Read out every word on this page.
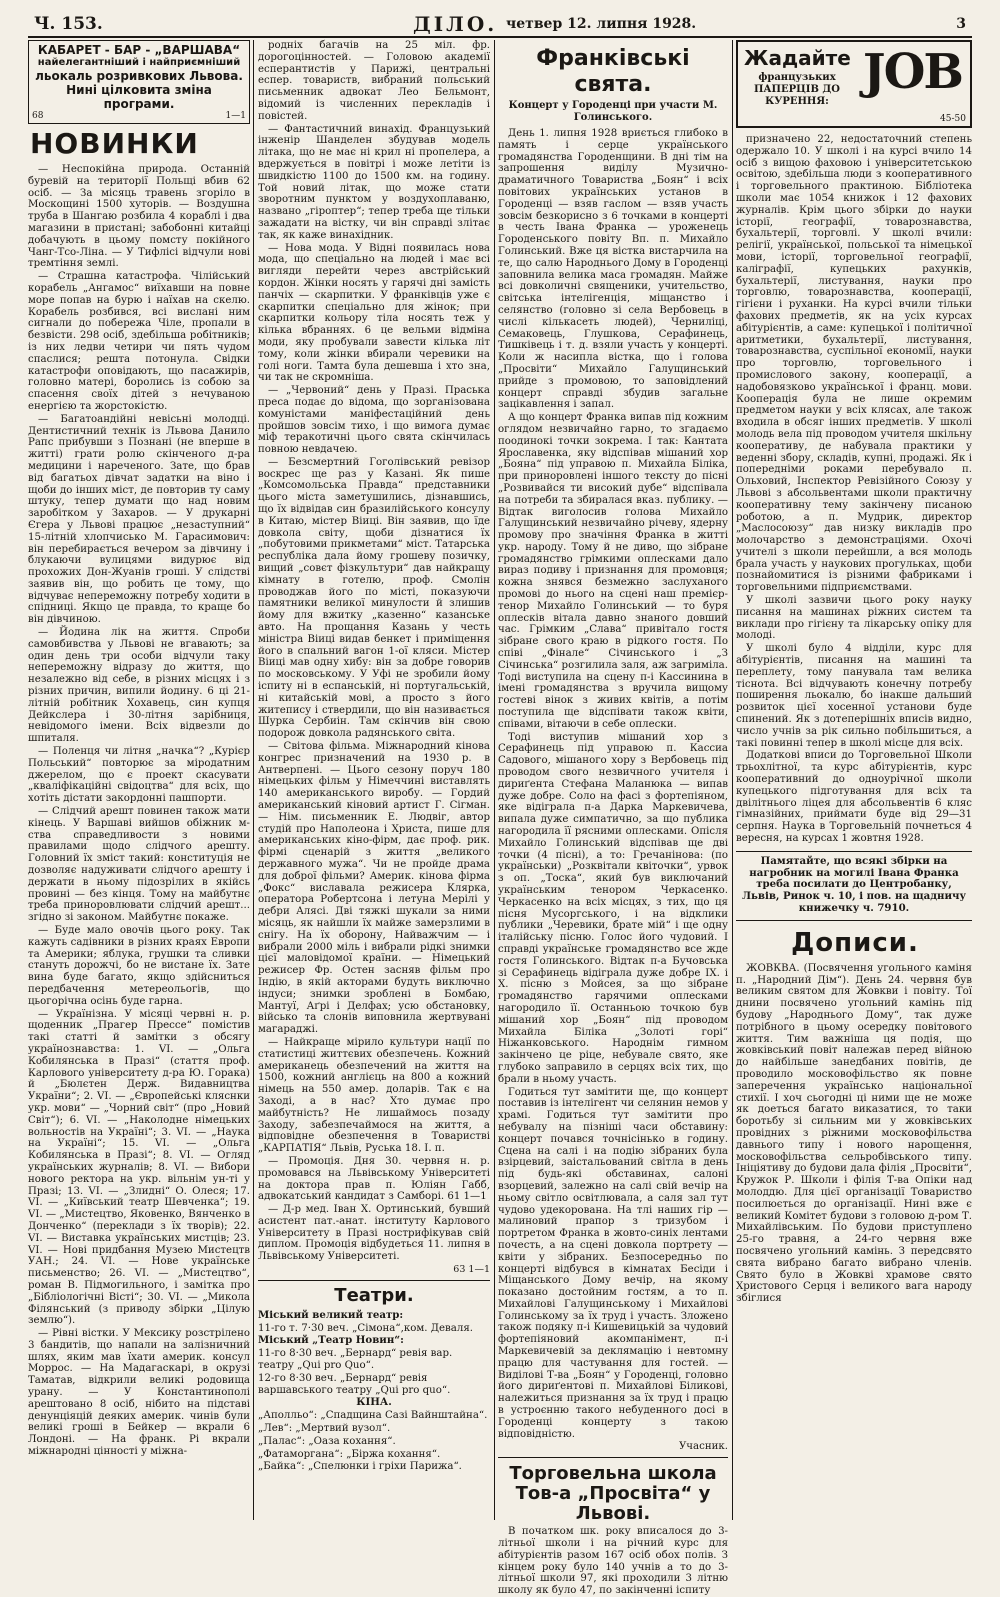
Ч. 153.	ДІЛО. четвер 12. липня 1928.	3
КАБАРЕТ - БАР - „ВАРШАВА“
найелегантніший і найприємніший
льокаль розривкових Львова.
Нині цілковита зміна програми.
68	1—1
НОВИНКИ

— Неспокійна природа. Останній буревій на території Польщі вбив 62 осіб. — За місяць травень згоріло в Москощині 1500 хуторів. — Воздушна труба в Шангаю розбила 4 кораблі і два магазини в пристані; забобонні китайці добачують в цьому помсту покійного Чанг-Тсо-Ліна. — У Тифлісі відчули нові тремтіння землі.

— Страшна катастрофа. Чілійський корабель „Ангамос“ виїхавши на повне море попав на бурю і наїхав на скелю. Корабель розбився, всі вислані ним сигнали до побережа Чіле, пропали в безвісти. 298 осіб, здебільша робітників; із них ледви четири чи пять чудом спаслися; решта потонула. Свідки катастрофи оповідають, що пасажирів, головно матері, боролись із собою за спасення своїх дітей з нечуваною енергією та жорстокістю.

— Багатоандійні невісьні молодці. Дентистичний технік із Львова Данило Рапс прибувши з Познані (не вперше в житті) грати ролю скінченого д-ра медицини і нареченого. Зате, що брав від багатьох дівчат задатки на віно і щоби до інших міст, де повторив ту саму штуку, тепер думати що над новим заробітком у Захаров. — У друкарні Єгера у Львові працює „незаступний“ 15-літній хлопчисько М. Гарасимович: він перебирається вечером за дівчину і блукаючи вулицями видурює від прохожих Дон-Жуанів гроші. У слідстві заявив він, що робить це тому, що відчуває непереможну потребу ходити в спідниці. Якщо це правда, то краще бо він дівчиною.

— Йодина лік на життя. Спроби самовбивства у Львові не вгавають; за один день три особи відчули таку непереможну відразу до життя, що незалежно від себе, в різних місцях і з різних причин, випили йодину. 6 ці 21-літній робітник Хохавець, син купця Дейкслера і 30-літня зарібниця, невідомого імени. Всіх відвезли до шпиталя.

— Поленця чи літня „начка“? „Курієр Польський“ повторює за міродатним джерелом, що є проект скасувати „кваліфікаційні свідоцтва“ для всіх, що хотіть дістати закордонні пашпорти.

— Слідчий арешт повинен також мати кінець. У Варшаві вийшов обіжник м-ства справедливости з новими правилами щодо слідчого арешту. Головний їх зміст такий: конституція не дозволяє надуживати слідчого арешту і держати в ньому підозрілих в якійсь провині — без кінця. Тому на майбутнє треба приноровлювати слідчий арешт... згідно зі законом. Майбутнє покаже.

— Буде мало овочів цього року. Так кажуть садівники в різних краях Европи та Америки; яблука, грушки та сливки стануть дорожчі, бо не вистане їх. Зате вина буде багато, якщо здійсниться передбачення метереольогів, що цьогорічна осінь буде гарна.

— Українізна. У місяці червні н. р. щоденник „Прагер Прессе“ помістив такі статті й замітки з обсягу українознавства: 1. VI. — „Ольга Кобилянська в Празі“ (стаття проф. Карлового університету д-ра Ю. Горака) й „Бюлєтен Держ. Видавництва України“; 2. VI. — „Європейські кляснки укр. мови“ — „Чорний світ“ (про „Новий Світ“); 6. VI. — „Наколодне німецьких вольностів на Україні“; 3. VI. — „Наука на Україні“; 15. VI. — „Ольга Кобилянська в Празі“; 8. VI. — Огляд українських журналів; 8. VI. — Вибори нового ректора на укр. вільнім ун-ті у Празі; 13. VI. — „Злидні“ О. Олеся; 17. VI. — „Київський театр Шевченка“; 19. VI. — „Мистецтво, Яковенко, Вянченко в Донченко“ (переклади з їх творів); 22. VI. — Виставка українських мистців; 23. VI. — Нові придбання Музею Мистецтв УАН.; 24. VI. — Нове українське письменство; 26. VI. — „Мистецтво“, роман В. Підмогильного, і замітка про „Бібліологічні Вісті“; 30. VI. — „Микола Філянський (з приводу збірки „Цілую землю“).

— Рівні вістки. У Мексику розстрілено 3 бандитів, що напали на залізничний шлях, яким мав їхати америк. консул Моррос. — На Мадагаскарі, в окрузі Таматав, відкрили великі родовища урану. — У Константинополі арештовано 8 осіб, нібито на підставі денунціяцій деяких америк. чинів були великі гроші в Бейкер — вкрали 6 Лондоні. — На франк. Рі вкрали міжнародні цінності у міжна-

родніх багачів на 25 міл. фр. дорогоцінностей. — Головою академії есперантистів у Парижі, центральні еспер. товариств, вибраний польський письменник адвокат Лео Бельмонт, відомий із численних перекладів і повістей.

— Фантастичний винахід. Французький інженір Шанделен збудував модель літака, що не має ні крил ні пропелера, а вдержується в повітрі і може летіти із швидкістю 1100 до 1500 км. на годину. Той новий літак, що може стати зворотним пунктом у воздухоплаваню, названо „гіроптер“; тепер треба ще тільки зажадати на вістку, чи він справді злітає так, як каже винахідник.

— Нова мода. У Відні появилась нова мода, що спеціально на людей і має всі вигляди перейти через австрійський кордон. Жінки носять у гарячі дні замість панчіх — скарпитки. У франківців уже є скарпитки спеціально для жінок; при скарпитки кольору тіла носять теж у кілька вбраннях. 6 це вельми відміна моди, яку пробували завести кілька літ тому, коли жінки вбирали черевики на голі ноги. Тамта була дешевша і хто зна, чи так не скромніша.

— „Червоний“ день у Празі. Праська преса подає до відома, що зорганізована комуністами маніфестаційний день пройшов зовсім тихо, і що вимога думає міф теракотичні цього свята скінчилась повною невдачею.

— Безсмертний Гоголівський ревізор воскрес ще раз у Казані. Як пише „Комсомольська Правда“ представники цього міста заметушились, дізнавшись, що їх відвідав син бразилійського консулу в Китаю, містер Віиці. Він заявив, що їде довкола світу, щоби дізнатися їх „побутовими прикметами“ міст. Татарська республіка дала йому грошеву позичку, вищий „совєт фізкультури“ дав найкращу кімнату в готелю, проф. Смолін проводжав його по місті, показуючи памятники великої минулости й злишив йому для вжитку „казенно“ казанське авто. На прощання Казань у честь міністра Віиці видав бенкет і приміщення його в спальний вагон 1-ої кляси. Містер Віиці мав одну хибу: він за добре говорив по московському. У Уфі не зробили йому іспиту ні в еспанській, ні португальській, ні китайській мові, а просто з його житепису і ствердили, що він називається Шурка Сербиін. Там скінчив він свою подорож довкола радянського світа.

— Світова фільма. Міжнародний кінова конгрес призначений на 1930 р. в Антверпені. — Цього сезону поруч 180 німецьких фільм у Німеччині виставлять 140 американського виробу. — Гордий американський кіновий артист Г. Сігман. — Нім. письменник Е. Людвіг, автор студій про Наполеона і Христа, пише для американських кіно-фірм, дає проф. рик. фірмі сценарій з життя „великого державного мужа“. Чи не пройде драма для доброї фільми? Америк. кінова фірма „Фокс“ виславала режисера Клярка, оператора Робертсона і летуна Мерілі у дебри Алясі. Дві тяжкі шукали за ними місяць, як найшли їх майже замерзлими в снігу. На їх оборону, Найважчим — і вибрали 2000 міль і вибрали рідкі знимки цієї маловідомої країни. — Німецький режисер Фр. Остен засняв фільм про Індію, в якій акторами будуть виключно індуси; знимки зроблені в Бомбаю, Мантуї, Аґрі і Делфах; усю обстановку, військо та слонів виповнила жертвувані магараджі.

— Найкраще мірило культури нації по статистиці життєвих обезпечень. Кожний американець обезпечений на життя на 1500, кожний англієць на 800 а кожний німець на 550 амер. доларів. Так є на Заході, а в нас? Хто думає про майбутність? Не лишаймось позаду Заходу, забезпечаймося на життя, а відповідне обезпечення в Товаристві „КАРПАТІЯ“ Львів, Руська 18. І. п.

— Промоція. Дня 30. червня н. р. промовався на Львівському Університеті на доктора прав п. Юліян Габб, адвокатський кандидат з Самборі. 61 1—1

— Д-р мед. Іван Х. Ортинський, бувший асистент пат.-анат. інституту Карлового Університету в Празі нострифікував свій диплом. Промоція відбудеться 11. липня в Львівському Університеті.

63 1—1

Театри.

Міський великий театр:

11-го т. 7·30 веч. „Сімона“,ком. Деваля.

Міський „Театр Новин“:

11-го 8·30 веч. „Бернард“ ревія вар. театру „Qui pro Quo“.

12-го 8·30 веч. „Бернард“ ревія варшавського театру „Qui pro quo“.

КІНА.

„Аполльо“: „Спадщина Сазі Вайнштайна“.

„Лев“: „Мертвий вузол“.

„Палас“: „Оаза кохання“.

„Фатаморгана“: „Біржа кохання“.

„Байка“: „Спелюнки і гріхи Парижа“.

Франківські свята.
Концерт у Городенці при участи М. Голинського.

День 1. липня 1928 вриється глибоко в память і серце українського громадянства Городенщини. В дні тім на запрошення виділу Музично-драматичного Товариства „Боян“ і всіх повітових українських установ в Городенці — взяв гаслом — взяв участь зовсім безкорисно з 6 точками в концерті в честь Івана Франка — уроженець Городенського повіту Вп. п. Михайло Голинський. Вже ця вістка вистарчила на те, що салю Народнього Дому в Городенці заповнила велика маса громадян. Майже всі довколичні священики, учительство, світська інтелігенція, міщанство і селянство (головно зі села Вербовець в числі кількасеть людей), Черниліці, Семаковець, Глушкова, Серафинець, Тишківець і т. д. взяли участь у концерті. Коли ж насипла вістка, що і голова „Просвіти“ Михайло Галущинський прийде з промовою, то заповідлений концерт справді збудив загальне зацікавлення і запал.

А що концерт Франка випав під кожним оглядом незвичайно гарно, то згадаємо поодинокі точки зокрема. І так: Кантата Ярославенка, яку відспівав мішаний хор „Бояна“ під управою п. Михайла Біліка, при приноровлені іншого тексту до пісні „Розвивайся ти високий дубе“ відспівала на потреби та збиралася вказ. публику. — Відтак виголосив голова Михайло Галущинський незвичайно річеву, ядерну промову про значіння Франка в житті укр. народу. Тому й не диво, що зібране громадянство грімкими оплесками дало вираз подиву і признання для промовця; кожна знявся безмежно заслуханого промові до нього на сцені наш премієр-тенор Михайло Голинський — то буря оплесків вітала давно знаного довший час. Грімким „Слава“ привітало гостя зібране свого краю в рідкого гостя. По співі „Фінале“ Січинського і „З Січинська“ розгилила заля, аж загриміла. Тоді виступила на сцену п-і Кассинина в імені громадянства з вручила вищому гостеві вінок з живих квітів, а потім поступила ще відспівати також квіти, співами, вітаючи в себе оплески.

Тоді виступив мішаний хор з Серафинець під управою п. Кассиа Садового, мішаного хору з Вербовець під проводом свого незвичного учителя і дириґента Стефана Маланюка — випав дуже добре. Соло на фасі з фортепіяном, яке відіграла п-а Дарка Маркевичева, випала дуже симпатично, за що публика нагородила її рясними оплесками. Опісля Михайло Голинський відспівав ще дві точки (4 пісні), а то: Гречанінова: (по українськи) „Розквітали квіточки“, урвок з оп. „Тоска“, який був виключаний українським тенором Черкасенко. Черкасенко на всіх місцях, з тих, що ця пісня Мусоргського, і на відклики публики „Черевики, брате мій“ і ще одну італійську пісню. Голос його чудовий. І справді українське громадянство все жде гостя Голинського. Відтак п-а Бучовська зі Серафинець відіграла дуже добре IX. і X. пісню з Мойсея, за що зібране громадянство гарячими оплесками нагородило її. Останньою точкою був мішаний хор „Боян“ під проводом Михайла Біліка „Золоті горі“ Ніжанковського. Народнім гимном закінчено це ріце, небувале свято, яке глубоко заправило в серцях всіх тих, що брали в ньому участь.

Годиться тут замітити ще, що концерт поставив із інтелігент чи селянин немов у храмі. Годиться тут замітити про небувалу на пізніші часи обставину: концерт почався точнісінько в годину. Сцена на салі і на подію зібраних була взірцевий, заістальований світла в день під будь-які обставинах, салоні взорцевий, залежно на салі свій вечір на ньому світло освітлювала, а саля зал тут чудово удекорована. На тлі наших гір — малиновий прапор з тризубом і портретом Франка в жовто-синіх лентами почесть, а на сцені довкола портрету — квіти у зібраних. Безпосередньо по концерті відбувся в кімнатах Бесіди і Міщанського Дому вечір, на якому показано достойним гостям, а то п. Михайлові Галущинському і Михайлові Голинському за їх труд і участь. Зложено також подяку п-і Кишевицькій за чудовий фортепіяновий акомпанімент, п-і Маркевичевій за деклямацію і невтомну працю для частування для гостей. — Виділові Т-ва „Боян“ у Городенці, головно його дириґентові п. Михайлові Біликові, належиться признання за їх труд і працю в устроєнню такого небуденного досі в Городенці концерту з такою відповідністю.

Учасник.

Торговельна школа Тов-а „Просвіта“ у Львові.

В початком шк. року вписалося до 3-літньої школи і на річний курс для абітурієнтів разом 167 осіб обох полів. З кінцем року було 140 учнів а то до 3-літньої школи 97, які проходили 3 літню школу як було 47, по закінченні іспиту

Жадайте
французьких ПАПЕРЦІВ ДО КУРЕННЯ:
JOB
45-50

призначено 22, недостаточний степень одержало 10. У школі і на курсі вчило 14 осіб з вищою фаховою і університетською освітою, здебільша люди з кооперативного і торговельного практиною. Бібліотека школи має 1054 книжок і 12 фахових журналів. Крім цього збірки до науки історії, географії, товарознавства, бухальтерії, торговлі. У школі вчили: релігії, української, польської та німецької мови, історії, торговельної географії, каліграфії, купецьких рахунків, бухальтерії, листування, науки про торговлю, товарознавства, кооперації, гігієни і руханки. На курсі вчили тільки фахових предметів, як на усіх курсах абітурієнтів, а саме: купецької і політичної аритметики, бухальтерії, листування, товарознавства, суспільної економії, науки про торговлю, торговельного і промислового закону, кооперації, а надобовязково української і франц. мови. Кооперація була не лише окремим предметом науки у всіх клясах, але також входила в обсяг інших предметів. У школі молодь вела під проводом учителя шкільну кооперативу, де набувала практики у веденні збору, складів, купні, продажі. Як і попередніми роками перебувало п. Ольховий, Інспектор Ревізійного Союзу у Львові з абсольвентами школи практичну кооперативну тему закінчену писаною роботою, а п. Мудрик, директор „Маслосоюзу“ дав низку викладів про молочарство з демонстраціями. Охочі учителі з школи перейшли, а вся молодь брала участь у наукових прогульках, щоби познайомитися із різними фабриками і торговельними підприємствами.

У школі зазвичи цього року науку писання на машинах ріжних систем та виклади про гігієну та лікарську опіку для молоді.

У школі було 4 відділи, курс для абітурієнтів, писання на машині та переплету, тому панувала там велика тіснота. Всі відчувають конечну потребу поширення льокалю, бо інакше дальший розвиток цієї хосенної установи буде спинений. Як з дотеперішніх вписів видно, число учнів за рік сильно побільшиться, а такі повинні тепер в школі місце для всіх.

Додаткові вписи до Торговельної Школи трьохлітної, та курс абітурієнтів, курс кооперативний до одноурічної школи купецького підготування для всіх та двілітнього ліцея для абсольвентів 6 кляс гімназійних, приймати буде від 29—31 серпня. Наука в Торговельній почнеться 4 вересня, на курсах 1 жовтня 1928.

Памятайте, що всякі збірки на нагробник на могилі Івана Франка треба посилати до Центробанку, Львів, Ринок ч. 10, і пов. на щадничу книжечку ч. 7910.

Дописи.

ЖОВКВА. (Посвячення угольного каміня п. „Народний Дім“). День 24. червня був великим святом для Жовкви і повіту. Тої днини посвячено угольний камінь під будову „Народнього Дому“, так дуже потрібного в цьому осередку повітового життя. Тим важніша ця подія, що жовківський повіт належав перед війною до найбільше занедбаних повітів, де проводило московофільство як повне заперечення українсько національної стихії. І хоч сьогодні ці ними ще не може як доеться багато виказатися, то таки боротьбу зі сильним ми у жовківських провідних з ріжними московофільства давнього типу і нового нарощення, московофільства сельробівського типу. Ініціятиву до будови дала філія „Просвіти“, Кружок Р. Школи і філія Т-ва Опіки над молоддю. Для цієї організації Товариство посилюється до організації. Нині вже є великий Комітет будови з головою д-ром Т. Михайлівським. По будови приступлено 25-го травня, а 24-го червня вже посвячено угольний камінь. З передсвято свята вибрано багато вибрано членів. Свято було в Жовкві храмове свято Христового Серця і великого вага народу збіглися
